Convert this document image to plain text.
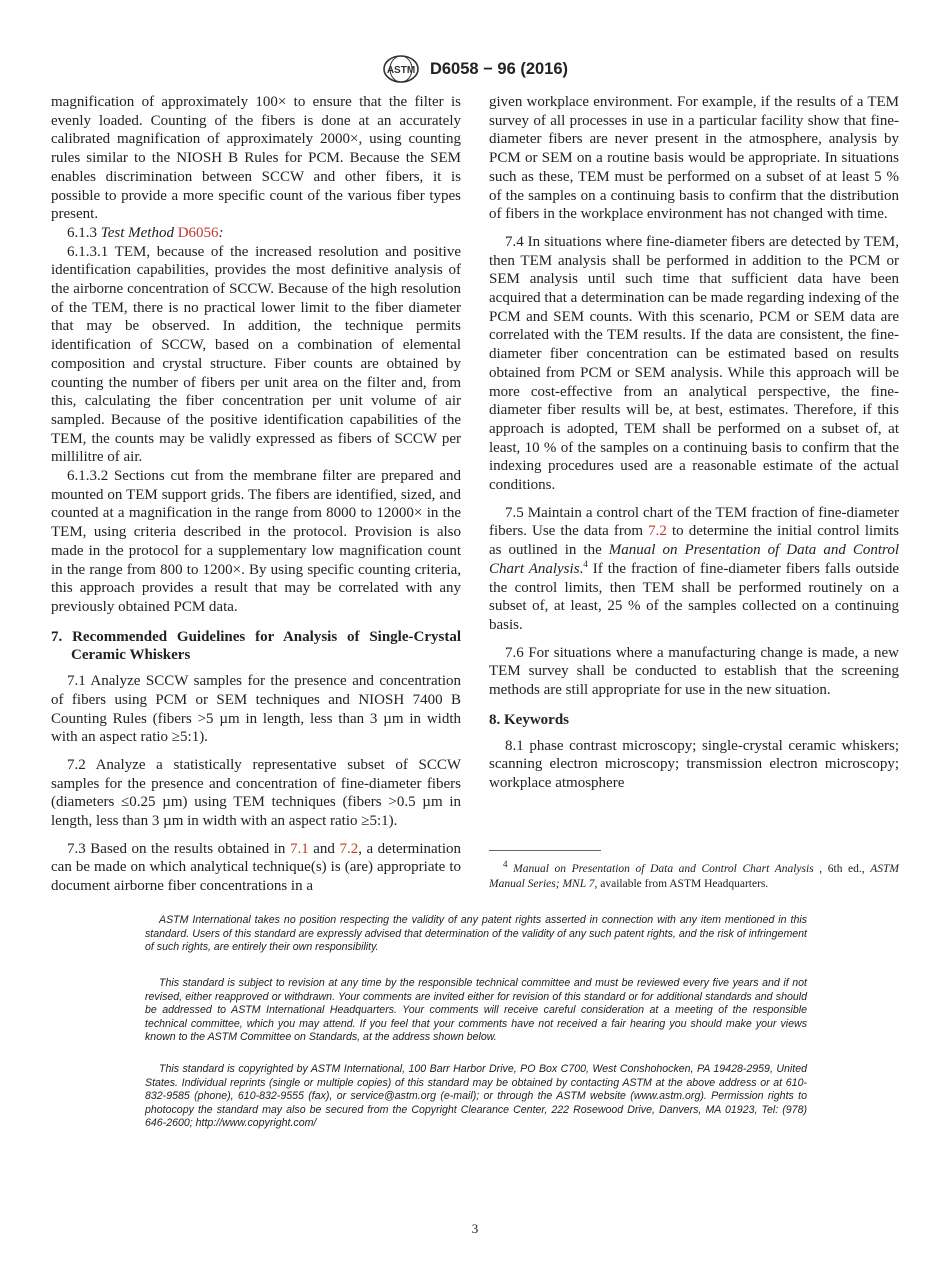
ASTM D6058 − 96 (2016)

magnification of approximately 100× to ensure that the filter is evenly loaded. Counting of the fibers is done at an accurately calibrated magnification of approximately 2000×, using counting rules similar to the NIOSH B Rules for PCM. Because the SEM enables discrimination between SCCW and other fibers, it is possible to provide a more specific count of the various fiber types present.

6.1.3 Test Method D6056:

6.1.3.1 TEM, because of the increased resolution and positive identification capabilities, provides the most definitive analysis of the airborne concentration of SCCW. Because of the high resolution of the TEM, there is no practical lower limit to the fiber diameter that may be observed. In addition, the technique permits identification of SCCW, based on a combination of elemental composition and crystal structure. Fiber counts are obtained by counting the number of fibers per unit area on the filter and, from this, calculating the fiber concentration per unit volume of air sampled. Because of the positive identification capabilities of the TEM, the counts may be validly expressed as fibers of SCCW per millilitre of air.

6.1.3.2 Sections cut from the membrane filter are prepared and mounted on TEM support grids. The fibers are identified, sized, and counted at a magnification in the range from 8000 to 12000× in the TEM, using criteria described in the protocol. Provision is also made in the protocol for a supplementary low magnification count in the range from 800 to 1200×. By using specific counting criteria, this approach provides a result that may be correlated with any previously obtained PCM data.

7. Recommended Guidelines for Analysis of Single-Crystal Ceramic Whiskers

7.1 Analyze SCCW samples for the presence and concentration of fibers using PCM or SEM techniques and NIOSH 7400 B Counting Rules (fibers >5 µm in length, less than 3 µm in width with an aspect ratio ≥5:1).

7.2 Analyze a statistically representative subset of SCCW samples for the presence and concentration of fine-diameter fibers (diameters ≤0.25 µm) using TEM techniques (fibers >0.5 µm in length, less than 3 µm in width with an aspect ratio ≥5:1).

7.3 Based on the results obtained in 7.1 and 7.2, a determination can be made on which analytical technique(s) is (are) appropriate to document airborne fiber concentrations in a

given workplace environment. For example, if the results of a TEM survey of all processes in use in a particular facility show that fine-diameter fibers are never present in the atmosphere, analysis by PCM or SEM on a routine basis would be appropriate. In situations such as these, TEM must be performed on a subset of at least 5 % of the samples on a continuing basis to confirm that the distribution of fibers in the workplace environment has not changed with time.

7.4 In situations where fine-diameter fibers are detected by TEM, then TEM analysis shall be performed in addition to the PCM or SEM analysis until such time that sufficient data have been acquired that a determination can be made regarding indexing of the PCM and SEM counts. With this scenario, PCM or SEM data are correlated with the TEM results. If the data are consistent, the fine-diameter fiber concentration can be estimated based on results obtained from PCM or SEM analysis. While this approach will be more cost-effective from an analytical perspective, the fine-diameter fiber results will be, at best, estimates. Therefore, if this approach is adopted, TEM shall be performed on a subset of, at least, 10 % of the samples on a continuing basis to confirm that the indexing procedures used are a reasonable estimate of the actual conditions.

7.5 Maintain a control chart of the TEM fraction of fine-diameter fibers. Use the data from 7.2 to determine the initial control limits as outlined in the Manual on Presentation of Data and Control Chart Analysis.$^4$ If the fraction of fine-diameter fibers falls outside the control limits, then TEM shall be performed routinely on a subset of, at least, 25 % of the samples collected on a continuing basis.

7.6 For situations where a manufacturing change is made, a new TEM survey shall be conducted to establish that the screening methods are still appropriate for use in the new situation.

8. Keywords

8.1 phase contrast microscopy; single-crystal ceramic whiskers; scanning electron microscopy; transmission electron microscopy; workplace atmosphere

$^4$ Manual on Presentation of Data and Control Chart Analysis , 6th ed., ASTM Manual Series; MNL 7, available from ASTM Headquarters.

ASTM International takes no position respecting the validity of any patent rights asserted in connection with any item mentioned in this standard. Users of this standard are expressly advised that determination of the validity of any such patent rights, and the risk of infringement of such rights, are entirely their own responsibility.

This standard is subject to revision at any time by the responsible technical committee and must be reviewed every five years and if not revised, either reapproved or withdrawn. Your comments are invited either for revision of this standard or for additional standards and should be addressed to ASTM International Headquarters. Your comments will receive careful consideration at a meeting of the responsible technical committee, which you may attend. If you feel that your comments have not received a fair hearing you should make your views known to the ASTM Committee on Standards, at the address shown below.

This standard is copyrighted by ASTM International, 100 Barr Harbor Drive, PO Box C700, West Conshohocken, PA 19428-2959, United States. Individual reprints (single or multiple copies) of this standard may be obtained by contacting ASTM at the above address or at 610-832-9585 (phone), 610-832-9555 (fax), or service@astm.org (e-mail); or through the ASTM website (www.astm.org). Permission rights to photocopy the standard may also be secured from the Copyright Clearance Center, 222 Rosewood Drive, Danvers, MA 01923, Tel: (978) 646-2600; http://www.copyright.com/

3
